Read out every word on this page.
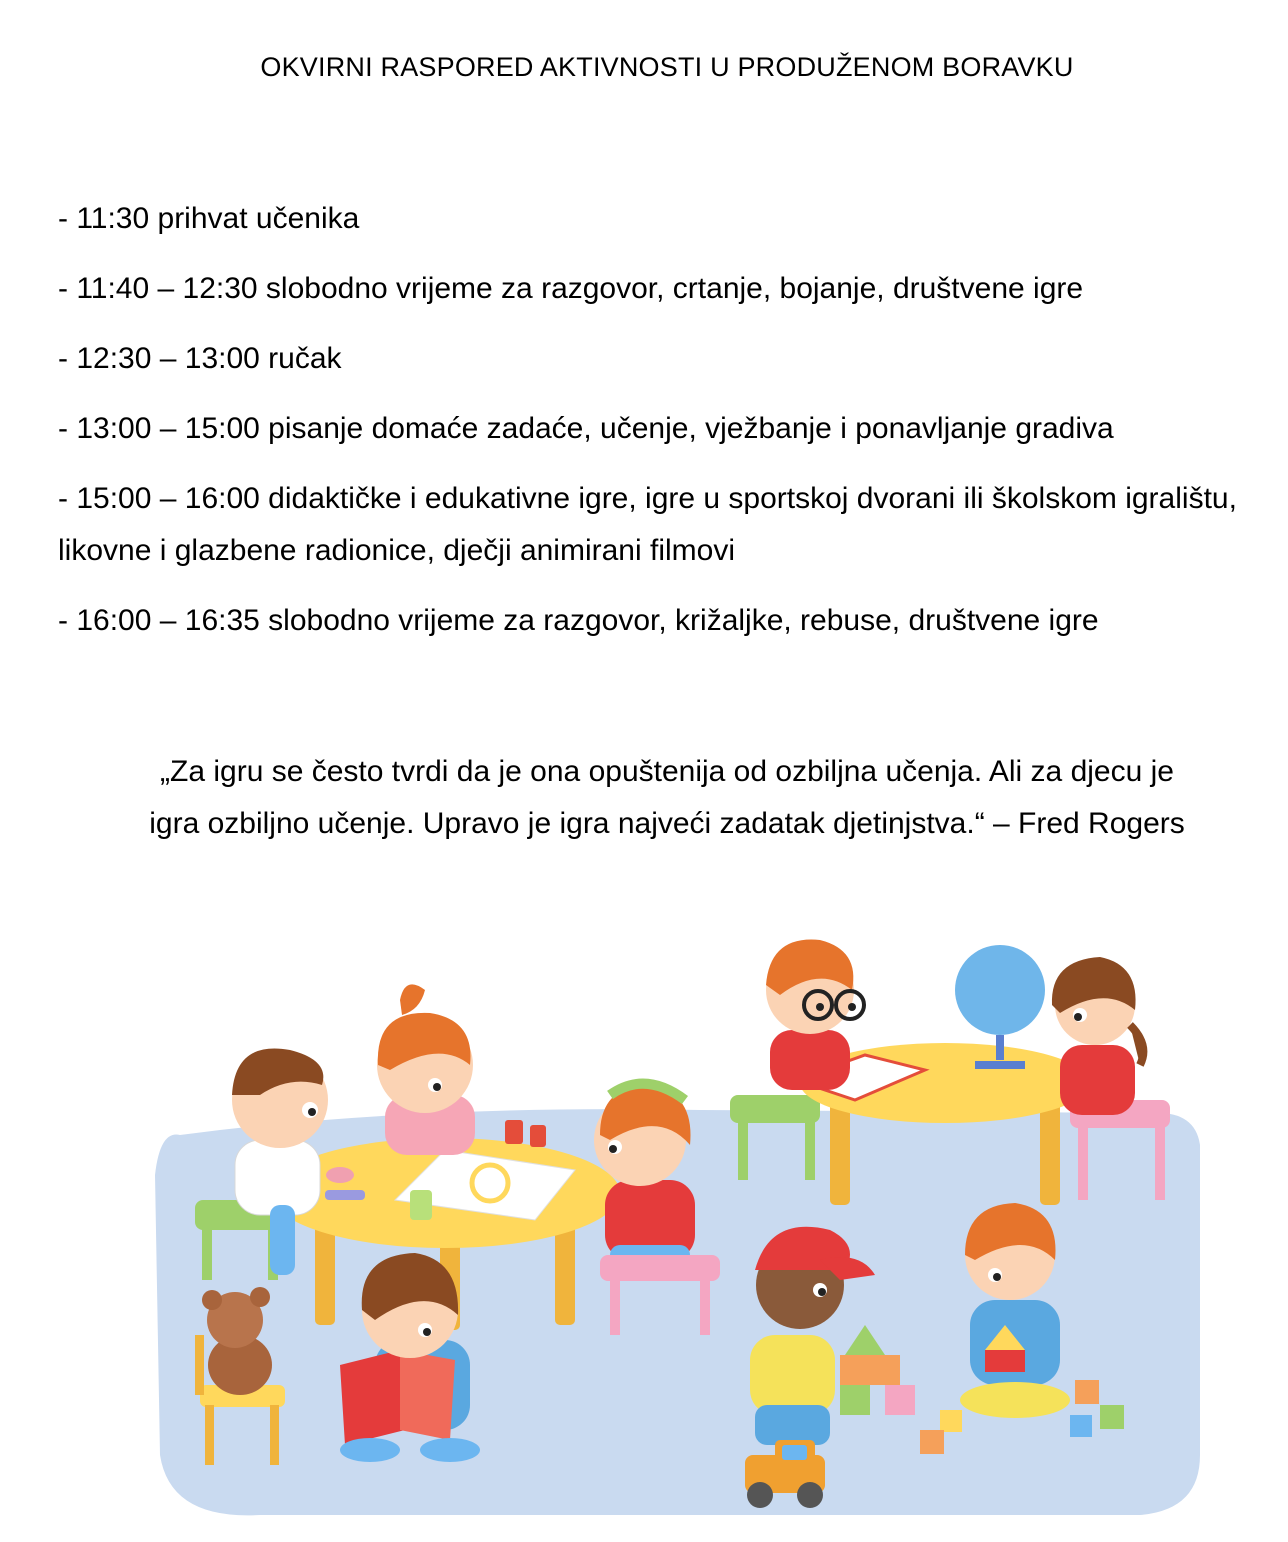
OKVIRNI RASPORED AKTIVNOSTI U PRODUŽENOM BORAVKU
- 11:30 prihvat učenika
- 11:40 – 12:30 slobodno vrijeme za razgovor, crtanje, bojanje, društvene igre
- 12:30 – 13:00 ručak
- 13:00 – 15:00 pisanje domaće zadaće, učenje, vježbanje i ponavljanje gradiva
- 15:00 – 16:00 didaktičke i edukativne igre, igre u sportskoj dvorani ili školskom igralištu, likovne i glazbene radionice, dječji animirani filmovi
- 16:00 – 16:35 slobodno vrijeme za razgovor, križaljke, rebuse, društvene igre
„Za igru se često tvrdi da je ona opuštenija od ozbiljna učenja. Ali za djecu je
igra ozbiljno učenje. Upravo je igra najveći zadatak djetinjstva.“ – Fred Rogers
